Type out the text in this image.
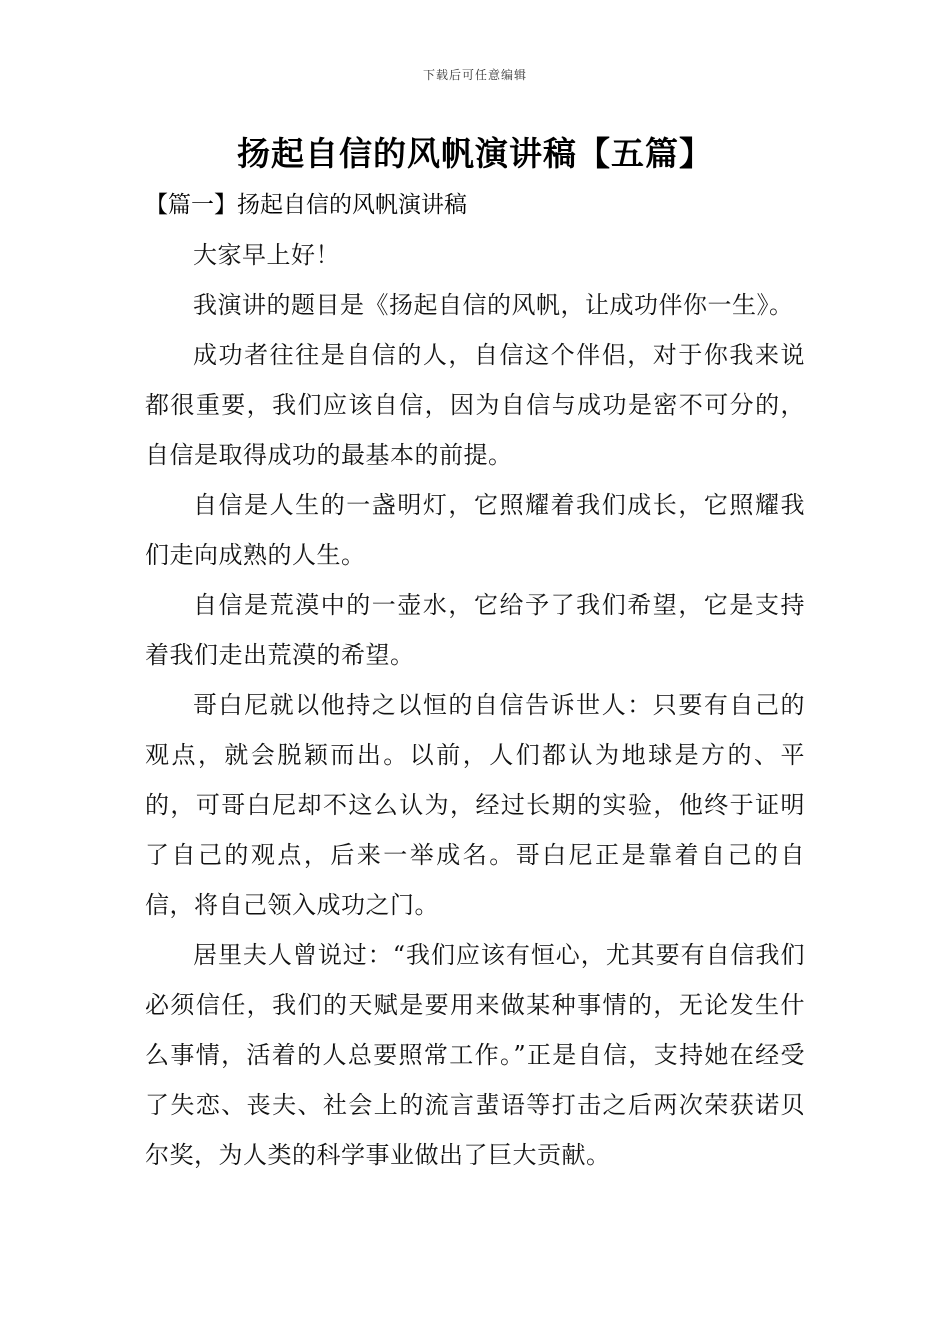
下载后可任意编辑
扬起自信的风帆演讲稿【五篇】
【篇一】扬起自信的风帆演讲稿

大家早上好！

我演讲的题目是《扬起自信的风帆，让成功伴你一生》。

成功者往往是自信的人，自信这个伴侣，对于你我来说都很重要，我们应该自信，因为自信与成功是密不可分的，自信是取得成功的最基本的前提。

自信是人生的一盏明灯，它照耀着我们成长，它照耀我们走向成熟的人生。

自信是荒漠中的一壶水，它给予了我们希望，它是支持着我们走出荒漠的希望。

哥白尼就以他持之以恒的自信告诉世人：只要有自己的观点，就会脱颖而出。以前，人们都认为地球是方的、平的，可哥白尼却不这么认为，经过长期的实验，他终于证明了自己的观点，后来一举成名。哥白尼正是靠着自己的自信，将自己领入成功之门。

居里夫人曾说过：“我们应该有恒心，尤其要有自信我们必须信任，我们的天赋是要用来做某种事情的，无论发生什么事情，活着的人总要照常工作。”正是自信，支持她在经受了失恋、丧夫、社会上的流言蜚语等打击之后两次荣获诺贝尔奖，为人类的科学事业做出了巨大贡献。
